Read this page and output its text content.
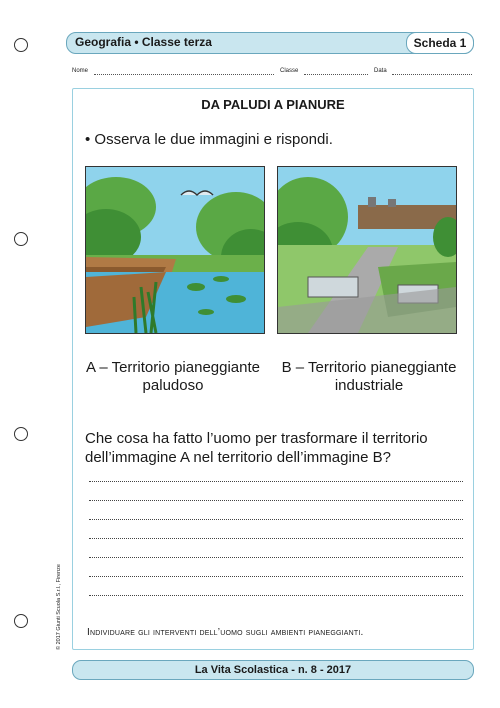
Geografia • Classe terza	Scheda 1
Nome	Classe	Data
DA PALUDI A PIANURE
• Osserva le due immagini e rispondi.
A – Territorio pianeggiante
paludoso
B – Territorio pianeggiante
industriale
Che cosa ha fatto l’uomo per trasformare il territorio dell’immagine A nel territorio dell’immagine B?
Individuare gli interventi dell’uomo sugli ambienti pianeggianti.
© 2017 Giunti Scuola S.r.l., Firenze
La Vita Scolastica - n. 8 - 2017
